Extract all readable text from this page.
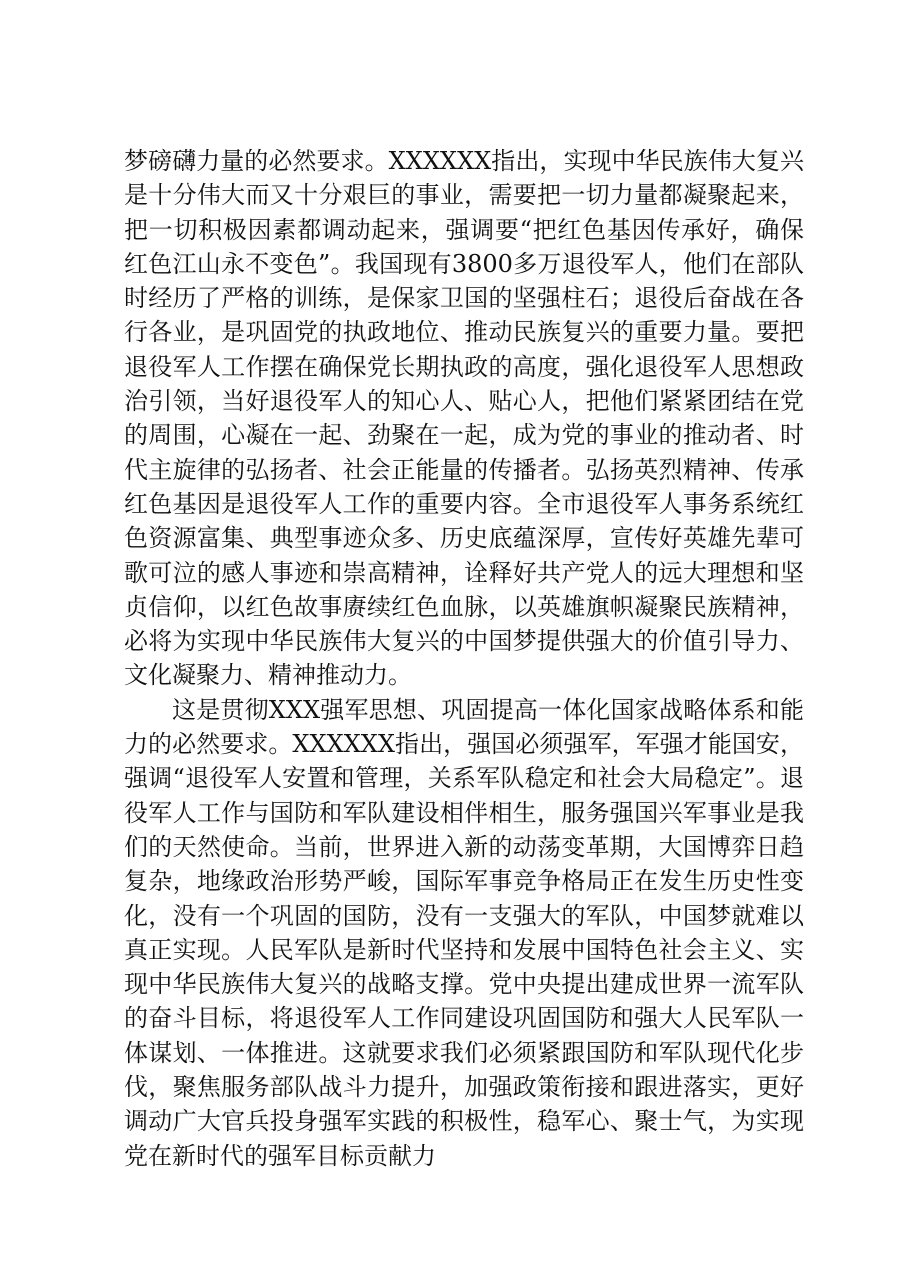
梦磅礴力量的必然要求。XXXXXX指出，实现中华民族伟大复兴是十分伟大而又十分艰巨的事业，需要把一切力量都凝聚起来，把一切积极因素都调动起来，强调要“把红色基因传承好，确保红色江山永不变色”。我国现有3800多万退役军人，他们在部队时经历了严格的训练，是保家卫国的坚强柱石；退役后奋战在各行各业，是巩固党的执政地位、推动民族复兴的重要力量。要把退役军人工作摆在确保党长期执政的高度，强化退役军人思想政治引领，当好退役军人的知心人、贴心人，把他们紧紧团结在党的周围，心凝在一起、劲聚在一起，成为党的事业的推动者、时代主旋律的弘扬者、社会正能量的传播者。弘扬英烈精神、传承红色基因是退役军人工作的重要内容。全市退役军人事务系统红色资源富集、典型事迹众多、历史底蕴深厚，宣传好英雄先辈可歌可泣的感人事迹和崇高精神，诠释好共产党人的远大理想和坚贞信仰，以红色故事赓续红色血脉，以英雄旗帜凝聚民族精神，必将为实现中华民族伟大复兴的中国梦提供强大的价值引导力、文化凝聚力、精神推动力。

这是贯彻XXX强军思想、巩固提高一体化国家战略体系和能力的必然要求。XXXXXX指出，强国必须强军，军强才能国安，强调“退役军人安置和管理，关系军队稳定和社会大局稳定”。退役军人工作与国防和军队建设相伴相生，服务强国兴军事业是我们的天然使命。当前，世界进入新的动荡变革期，大国博弈日趋复杂，地缘政治形势严峻，国际军事竞争格局正在发生历史性变化，没有一个巩固的国防，没有一支强大的军队，中国梦就难以真正实现。人民军队是新时代坚持和发展中国特色社会主义、实现中华民族伟大复兴的战略支撑。党中央提出建成世界一流军队的奋斗目标，将退役军人工作同建设巩固国防和强大人民军队一体谋划、一体推进。这就要求我们必须紧跟国防和军队现代化步伐，聚焦服务部队战斗力提升，加强政策衔接和跟进落实，更好调动广大官兵投身强军实践的积极性，稳军心、聚士气，为实现党在新时代的强军目标贡献力
